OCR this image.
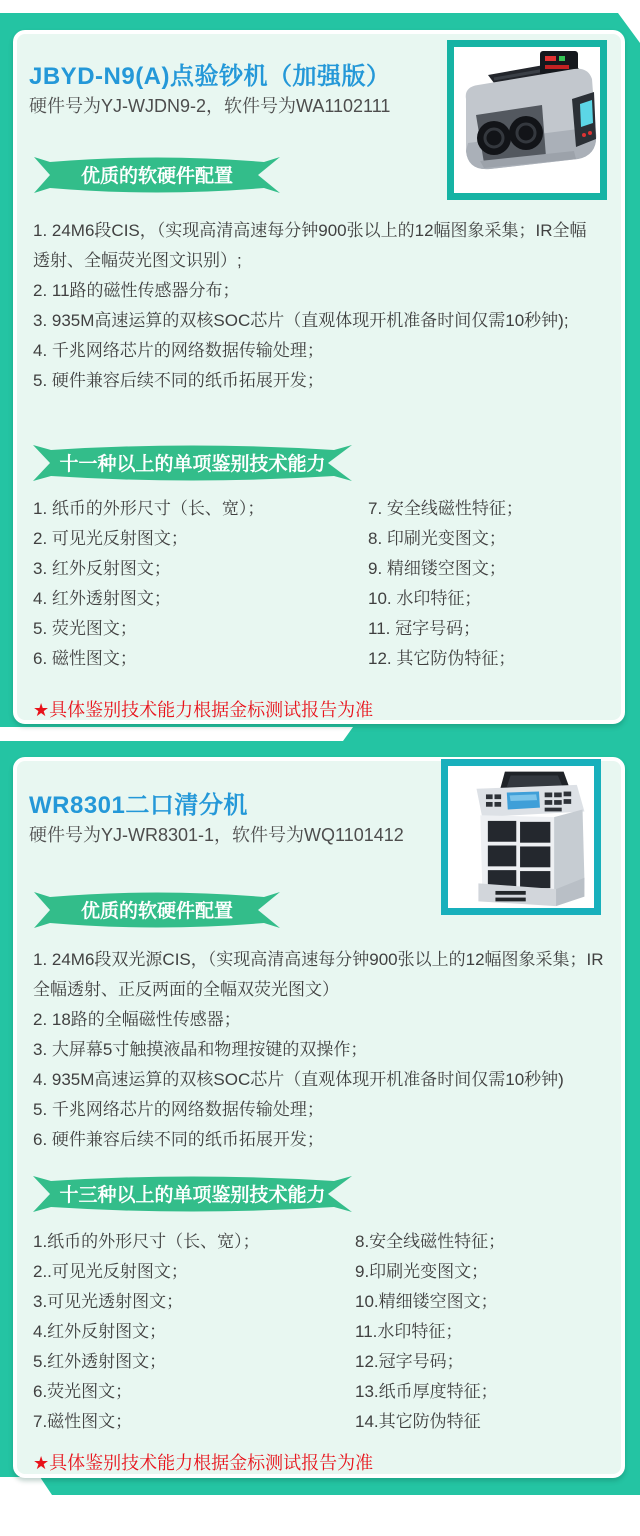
JBYD-N9(A)点验钞机（加强版）
硬件号为YJ-WJDN9-2，软件号为WA1102111
优质的软硬件配置
1. 24M6段CIS，（实现高清高速每分钟900张以上的12幅图象采集；IR全幅透射、全幅荧光图文识别）;
2. 11路的磁性传感器分布；
3. 935M高速运算的双核SOC芯片（直观体现开机准备时间仅需10秒钟);
4. 千兆网络芯片的网络数据传输处理；
5. 硬件兼容后续不同的纸币拓展开发；
十一种以上的单项鉴别技术能力
1. 纸币的外形尺寸（长、宽）；
2. 可见光反射图文；
3. 红外反射图文；
4. 红外透射图文；
5. 荧光图文；
6. 磁性图文；
7. 安全线磁性特征；
8. 印刷光变图文；
9. 精细镂空图文；
10. 水印特征；
11. 冠字号码；
12. 其它防伪特征；
★具体鉴别技术能力根据金标测试报告为准
WR8301二口清分机
硬件号为YJ-WR8301-1，软件号为WQ1101412
优质的软硬件配置
1. 24M6段双光源CIS，（实现高清高速每分钟900张以上的12幅图象采集；IR全幅透射、正反两面的全幅双荧光图文）
2. 18路的全幅磁性传感器；
3. 大屏幕5寸触摸液晶和物理按键的双操作；
4. 935M高速运算的双核SOC芯片（直观体现开机准备时间仅需10秒钟)
5. 千兆网络芯片的网络数据传输处理；
6. 硬件兼容后续不同的纸币拓展开发；
十三种以上的单项鉴别技术能力
1.纸币的外形尺寸（长、宽）；
2..可见光反射图文；
3.可见光透射图文；
4.红外反射图文；
5.红外透射图文；
6.荧光图文；
7.磁性图文；
8.安全线磁性特征；
9.印刷光变图文；
10.精细镂空图文；
11.水印特征；
12.冠字号码；
13.纸币厚度特征；
14.其它防伪特征
★具体鉴别技术能力根据金标测试报告为准
